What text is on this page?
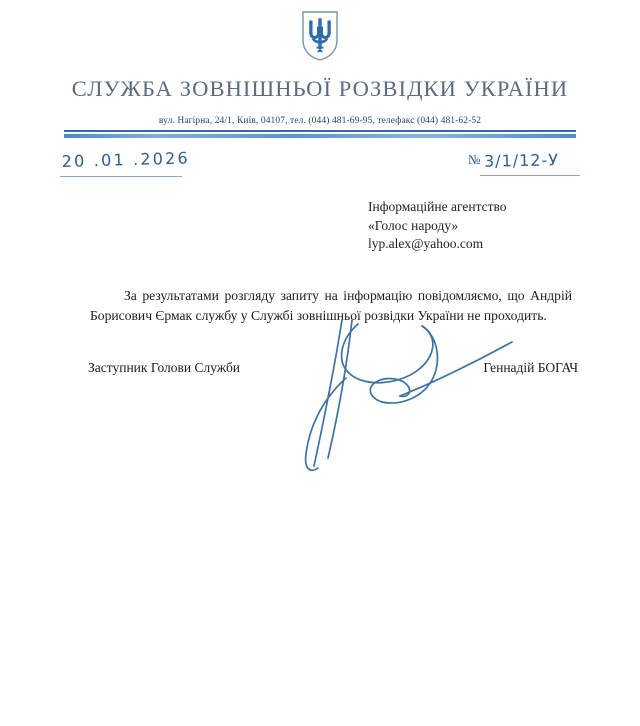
СЛУЖБА ЗОВНІШНЬОЇ РОЗВІДКИ УКРАЇНИ
вул. Нагірна, 24/1, Київ, 04107, тел. (044) 481-69-95, телефакс (044) 481-62-52
20 .01 .2026	№ 3/1/12-У
Інформаційне агентство
«Голос народу»
lyp.alex@yahoo.com
За результатами розгляду запиту на інформацію повідомляємо, що Андрій Борисович Єрмак службу у Службі зовнішньої розвідки України не проходить.
Заступник Голови Служби	Геннадій БОГАЧ
